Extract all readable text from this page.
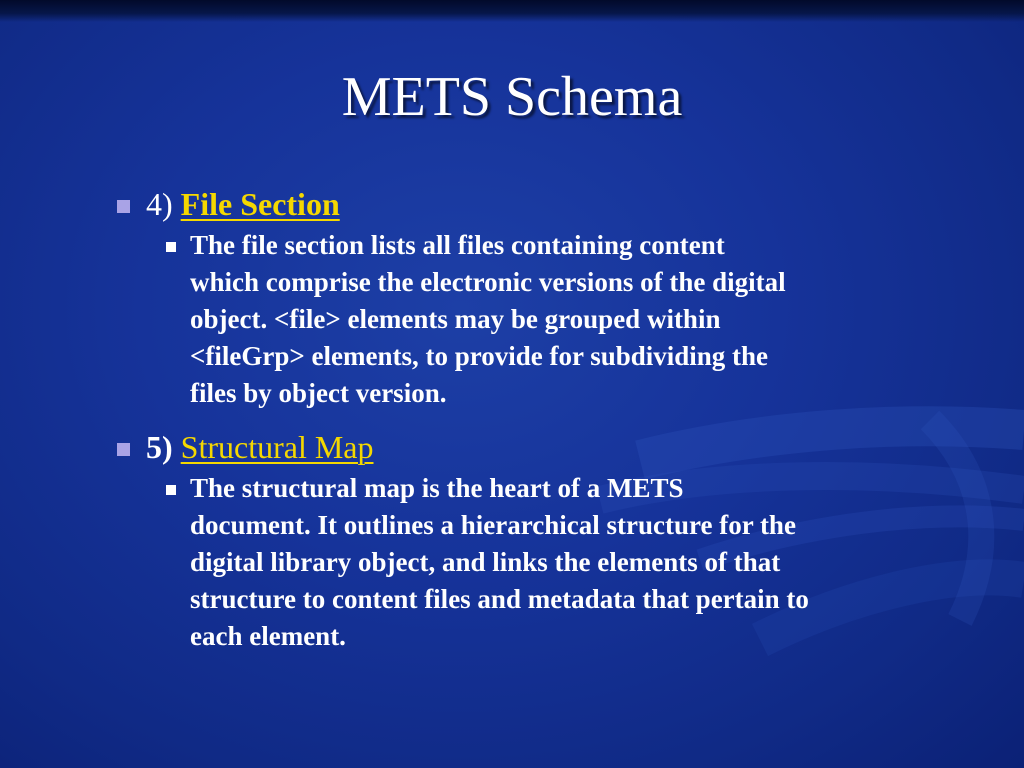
METS Schema
4) File Section
The file section lists all files containing content
which comprise the electronic versions of the digital
object. <file> elements may be grouped within
<fileGrp> elements, to provide for subdividing the
files by object version.
5) Structural Map
The structural map is the heart of a METS
document. It outlines a hierarchical structure for the
digital library object, and links the elements of that
structure to content files and metadata that pertain to
each element.
